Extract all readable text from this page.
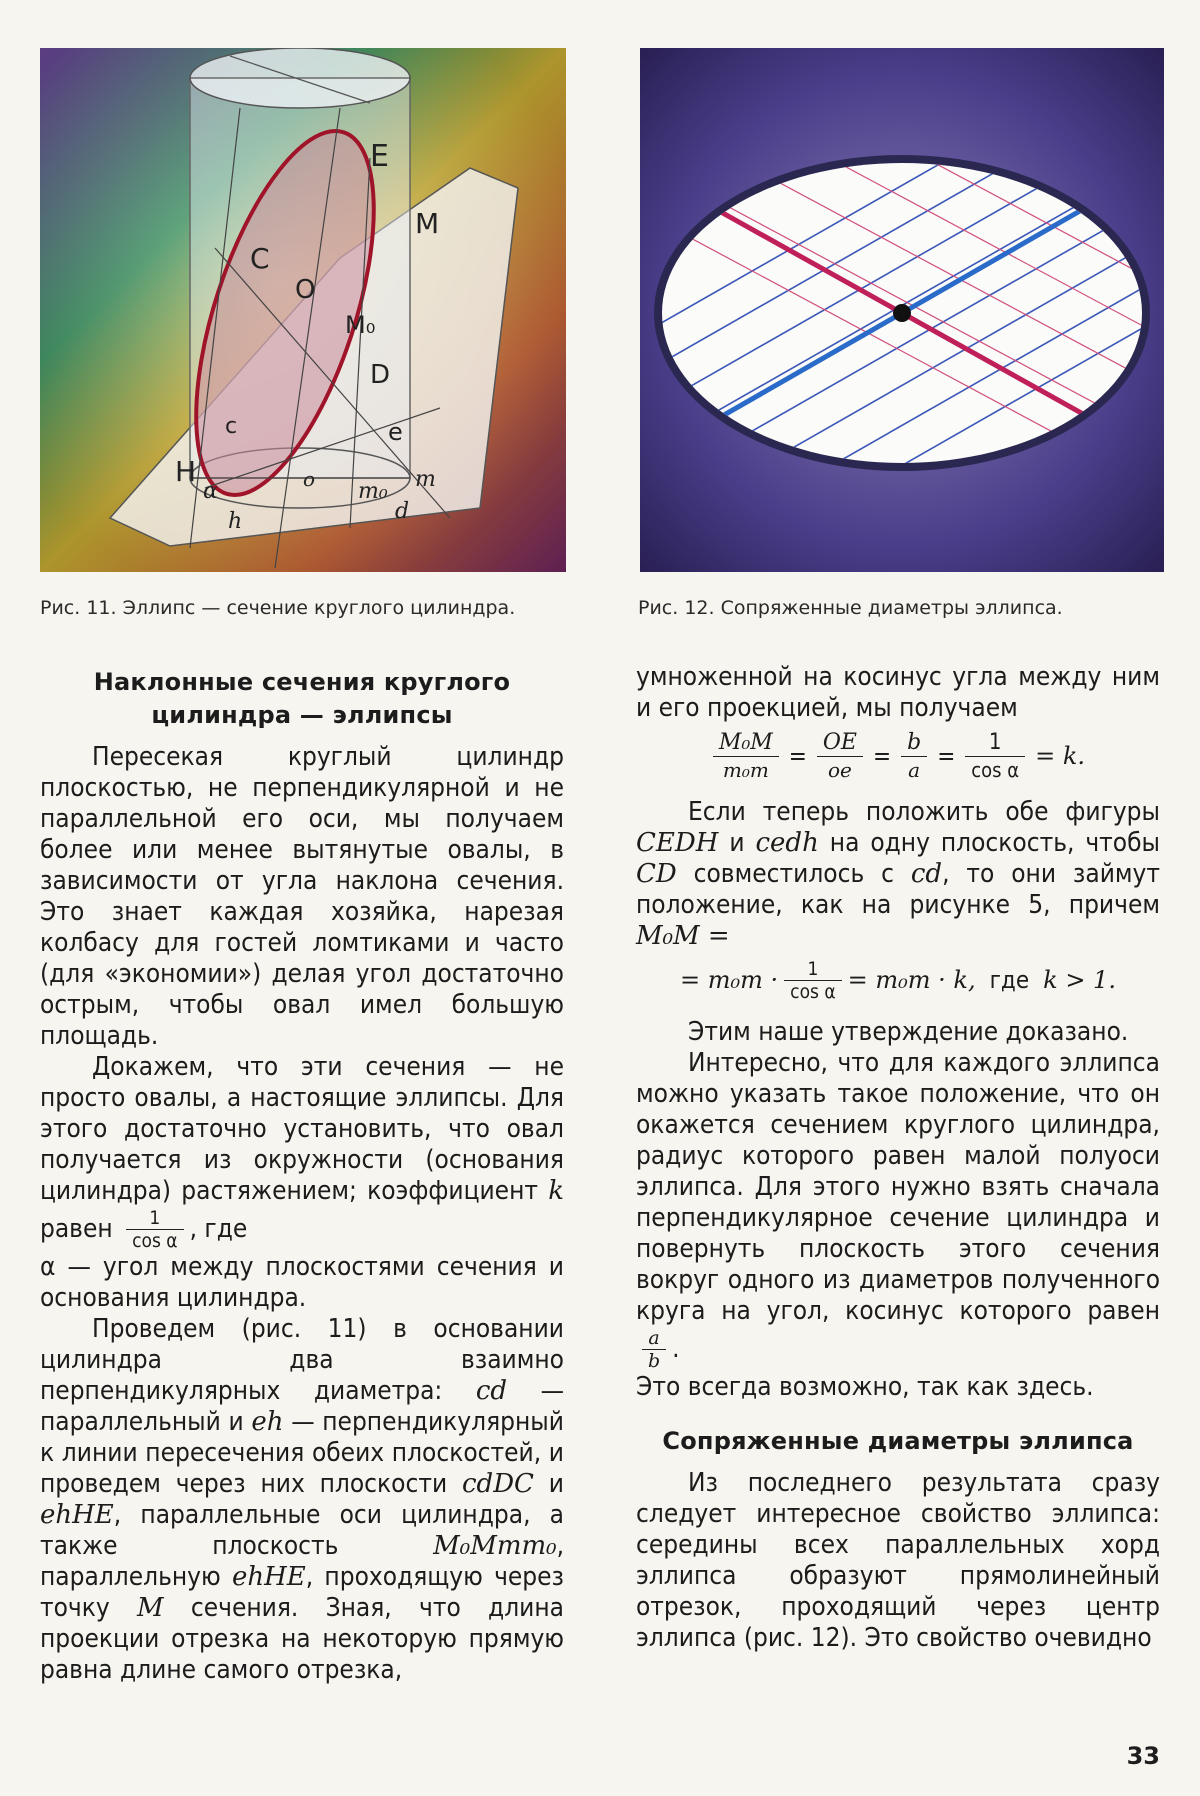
E
M
C
O
M₀
D
e
H
c
α	o m₀ m
d
h
Рис. 11. Эллипс — сечение круглого цилиндра.	Рис. 12. Сопряженные диаметры эллипса.
Наклонные сечения круглого цилиндра — эллипсы

Пересекая круглый цилиндр плоскостью, не перпендикулярной и не параллельной его оси, мы получаем более или менее вытянутые овалы, в зависимости от угла наклона сечения. Это знает каждая хозяйка, нарезая колбасу для гостей ломтиками и часто (для «экономии») делая угол достаточно острым, чтобы овал имел большую площадь.

Докажем, что эти сечения — не просто овалы, а настоящие эллипсы. Для этого достаточно установить, что овал получается из окружности (основания цилиндра) растяжением; коэффициент k равен $\frac{1}{\text{cos α}}$ , где

α — угол между плоскостями сечения и основания цилиндра.

Проведем (рис. 11) в основании цилиндра два взаимно перпендикулярных диаметра: cd — параллельный и eh — перпендикулярный к линии пересечения обеих плоскостей, и проведем через них плоскости cdDC и ehHE, параллельные оси цилиндра, а также плоскость	M₀Mmm₀, параллельную ehHE, проходящую через точку M сечения. Зная, что длина проекции отрезка на некоторую прямую равна длине самого отрезка,

умноженной на косинус угла между ним и его проекцией, мы получаем

$\frac{\text{M₀M}}{\text{m₀m}} = \frac{OE}{oe} = \frac{b}{a} = \frac{1}{\text{cos α}} = k$.

Если теперь положить обе фигуры CEDH и cedh на одну плоскость, чтобы CD совместилось с cd, то они займут положение, как на рисунке 5, причем M₀M =

= $m_0m \cdot \frac{1}{\text{cos α}} = m_0m \cdot k$, где k > 1.

Этим наше утверждение доказано.

Интересно, что для каждого эллипса можно указать такое положение, что он окажется сечением круглого цилиндра, радиус которого равен малой полуоси эллипса. Для этого нужно взять сначала перпендикулярное сечение цилиндра и повернуть плоскость этого сечения вокруг одного из диаметров полученного круга на угол, косинус которого равен
$\frac{a}{b}$ .

Это всегда возможно, так как здесь.

Сопряженные диаметры эллипса

Из последнего результата сразу следует интересное свойство эллипса: середины всех параллельных хорд эллипса образуют прямолинейный отрезок, проходящий через центр эллипса (рис. 12). Это свойство очевидно

33
